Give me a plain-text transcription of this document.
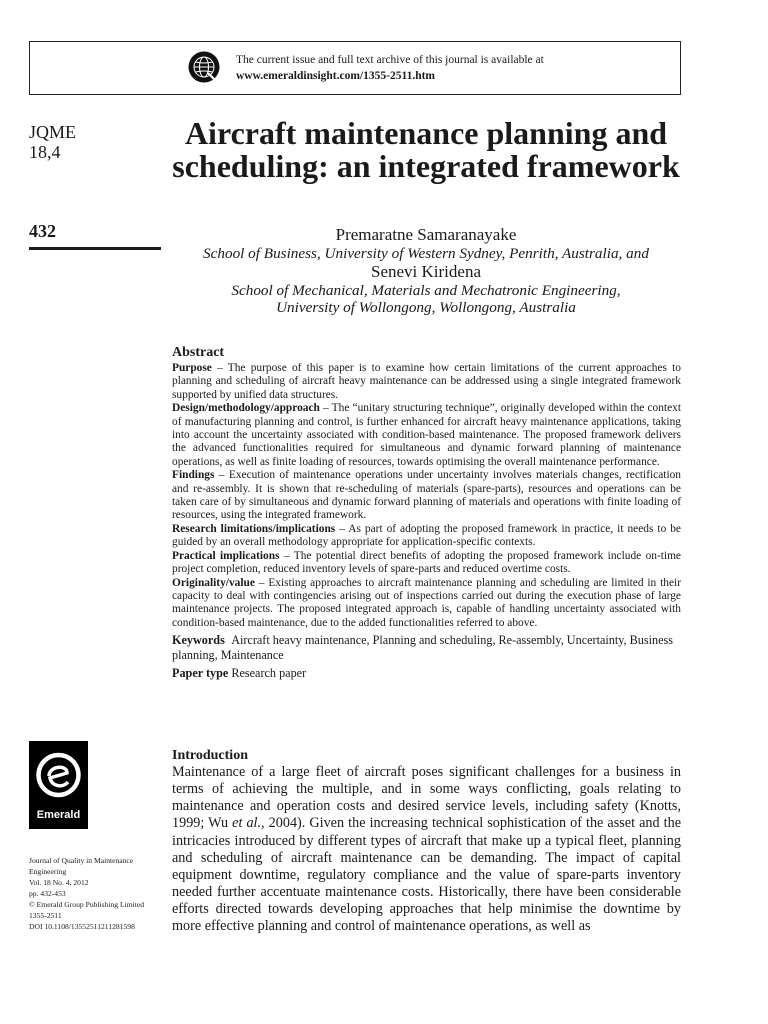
The current issue and full text archive of this journal is available at
www.emeraldinsight.com/1355-2511.htm
JQME
18,4
432
Aircraft maintenance planning and scheduling: an integrated framework
Premaratne Samaranayake
School of Business, University of Western Sydney, Penrith, Australia, and
Senevi Kiridena
School of Mechanical, Materials and Mechatronic Engineering,
University of Wollongong, Wollongong, Australia
Abstract

Purpose – The purpose of this paper is to examine how certain limitations of the current approaches to planning and scheduling of aircraft heavy maintenance can be addressed using a single integrated framework supported by unified data structures.

Design/methodology/approach – The “unitary structuring technique”, originally developed within the context of manufacturing planning and control, is further enhanced for aircraft heavy maintenance applications, taking into account the uncertainty associated with condition-based maintenance. The proposed framework delivers the advanced functionalities required for simultaneous and dynamic forward planning of maintenance operations, as well as finite loading of resources, towards optimising the overall maintenance performance.

Findings – Execution of maintenance operations under uncertainty involves materials changes, rectification and re-assembly. It is shown that re-scheduling of materials (spare-parts), resources and operations can be taken care of by simultaneous and dynamic forward planning of materials and operations with finite loading of resources, using the integrated framework.

Research limitations/implications – As part of adopting the proposed framework in practice, it needs to be guided by an overall methodology appropriate for application-specific contexts.

Practical implications – The potential direct benefits of adopting the proposed framework include on-time project completion, reduced inventory levels of spare-parts and reduced overtime costs.

Originality/value – Existing approaches to aircraft maintenance planning and scheduling are limited in their capacity to deal with contingencies arising out of inspections carried out during the execution phase of large maintenance projects. The proposed integrated approach is, capable of handling uncertainty associated with condition-based maintenance, due to the added functionalities referred to above.

Keywords Aircraft heavy maintenance, Planning and scheduling, Re-assembly, Uncertainty, Business planning, Maintenance
Paper type Research paper
Emerald
Journal of Quality in Maintenance
Engineering
Vol. 18 No. 4, 2012
pp. 432-453
© Emerald Group Publishing Limited
1355-2511
DOI 10.1108/13552511211281598
Introduction

Maintenance of a large fleet of aircraft poses significant challenges for a business in terms of achieving the multiple, and in some ways conflicting, goals relating to maintenance and operation costs and desired service levels, including safety (Knotts, 1999; Wu et al., 2004). Given the increasing technical sophistication of the asset and the intricacies introduced by different types of aircraft that make up a typical fleet, planning and scheduling of aircraft maintenance can be demanding. The impact of capital equipment downtime, regulatory compliance and the value of spare-parts inventory needed further accentuate maintenance costs. Historically, there have been considerable efforts directed towards developing approaches that help minimise the downtime by more effective planning and control of maintenance operations, as well as
